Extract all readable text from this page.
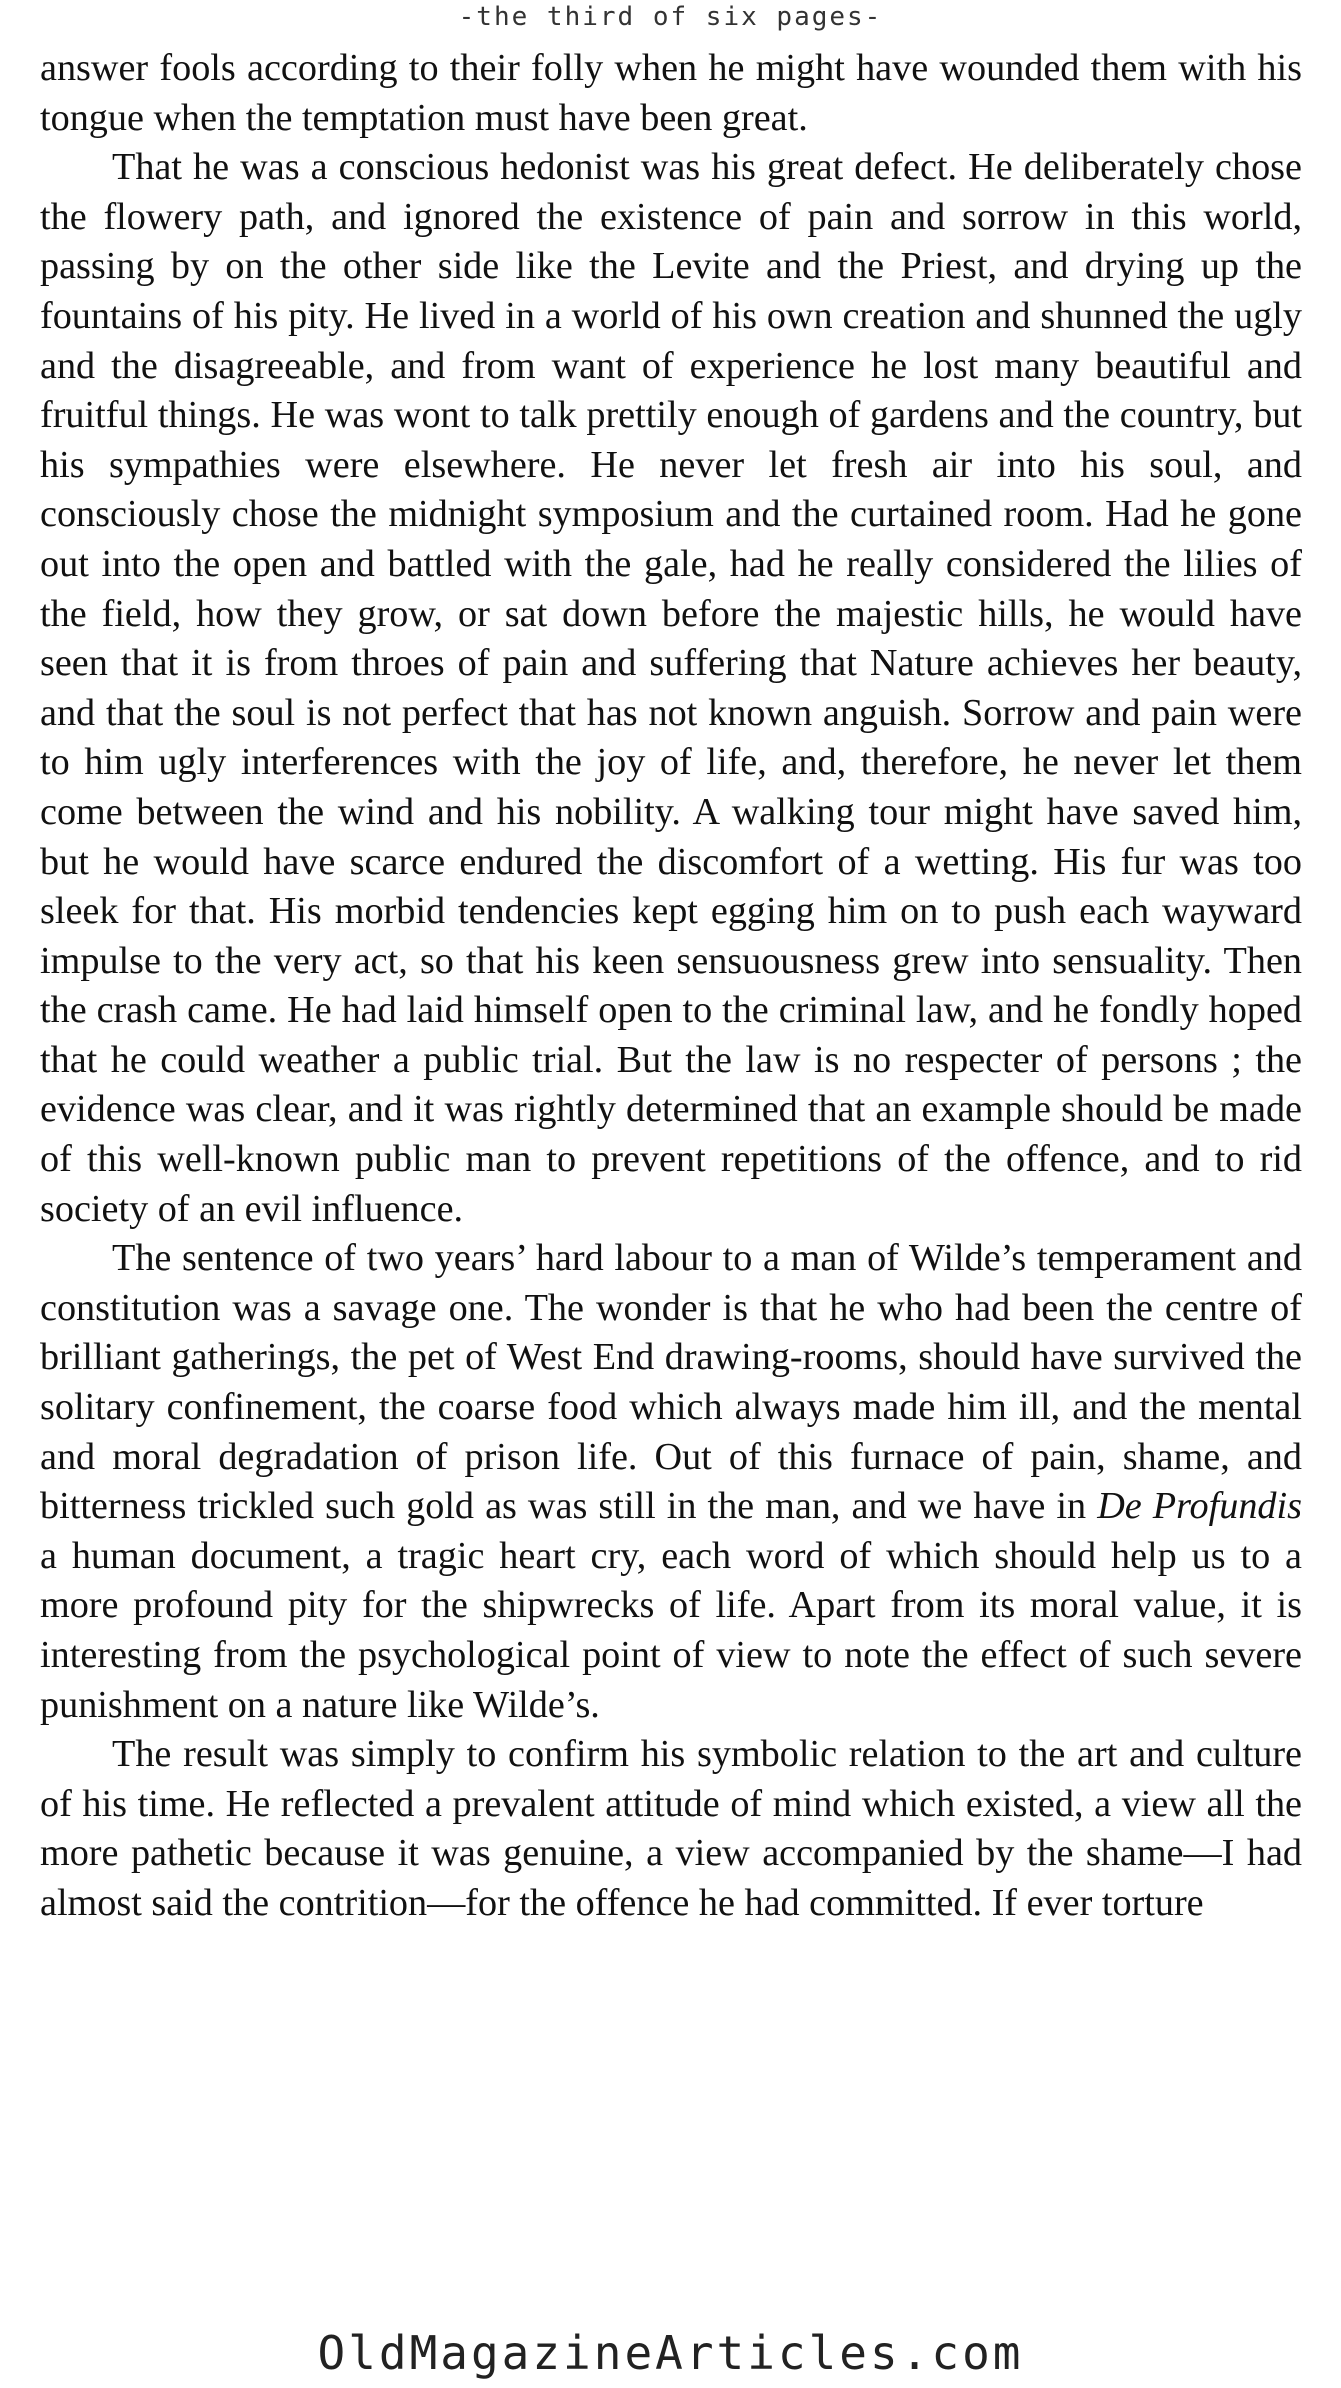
-the third of six pages-

answer fools according to their folly when he might have wounded them with his tongue when the temptation must have been great.

That he was a conscious hedonist was his great defect. He deliberately chose the flowery path, and ignored the existence of pain and sorrow in this world, passing by on the other side like the Levite and the Priest, and drying up the fountains of his pity. He lived in a world of his own creation and shunned the ugly and the disagreeable, and from want of experience he lost many beautiful and fruitful things. He was wont to talk prettily enough of gardens and the country, but his sympathies were elsewhere. He never let fresh air into his soul, and consciously chose the midnight symposium and the curtained room. Had he gone out into the open and battled with the gale, had he really considered the lilies of the field, how they grow, or sat down before the majestic hills, he would have seen that it is from throes of pain and suffering that Nature achieves her beauty, and that the soul is not perfect that has not known anguish. Sorrow and pain were to him ugly interferences with the joy of life, and, therefore, he never let them come between the wind and his nobility. A walking tour might have saved him, but he would have scarce endured the discomfort of a wetting. His fur was too sleek for that. His morbid tendencies kept egging him on to push each wayward impulse to the very act, so that his keen sensuousness grew into sensuality. Then the crash came. He had laid himself open to the criminal law, and he fondly hoped that he could weather a public trial. But the law is no respecter of persons ; the evidence was clear, and it was rightly determined that an example should be made of this well-known public man to prevent repetitions of the offence, and to rid society of an evil influence.

The sentence of two years’ hard labour to a man of Wilde’s temperament and constitution was a savage one. The wonder is that he who had been the centre of brilliant gatherings, the pet of West End drawing-rooms, should have survived the solitary confinement, the coarse food which always made him ill, and the mental and moral degradation of prison life. Out of this furnace of pain, shame, and bitterness trickled such gold as was still in the man, and we have in De Profundis a human document, a tragic heart cry, each word of which should help us to a more profound pity for the shipwrecks of life. Apart from its moral value, it is interesting from the psychological point of view to note the effect of such severe punishment on a nature like Wilde’s.

The result was simply to confirm his symbolic relation to the art and culture of his time. He reflected a prevalent attitude of mind which existed, a view all the more pathetic because it was genuine, a view accompanied by the shame—I had almost said the contrition—for the offence he had committed. If ever torture

OldMagazineArticles.com
